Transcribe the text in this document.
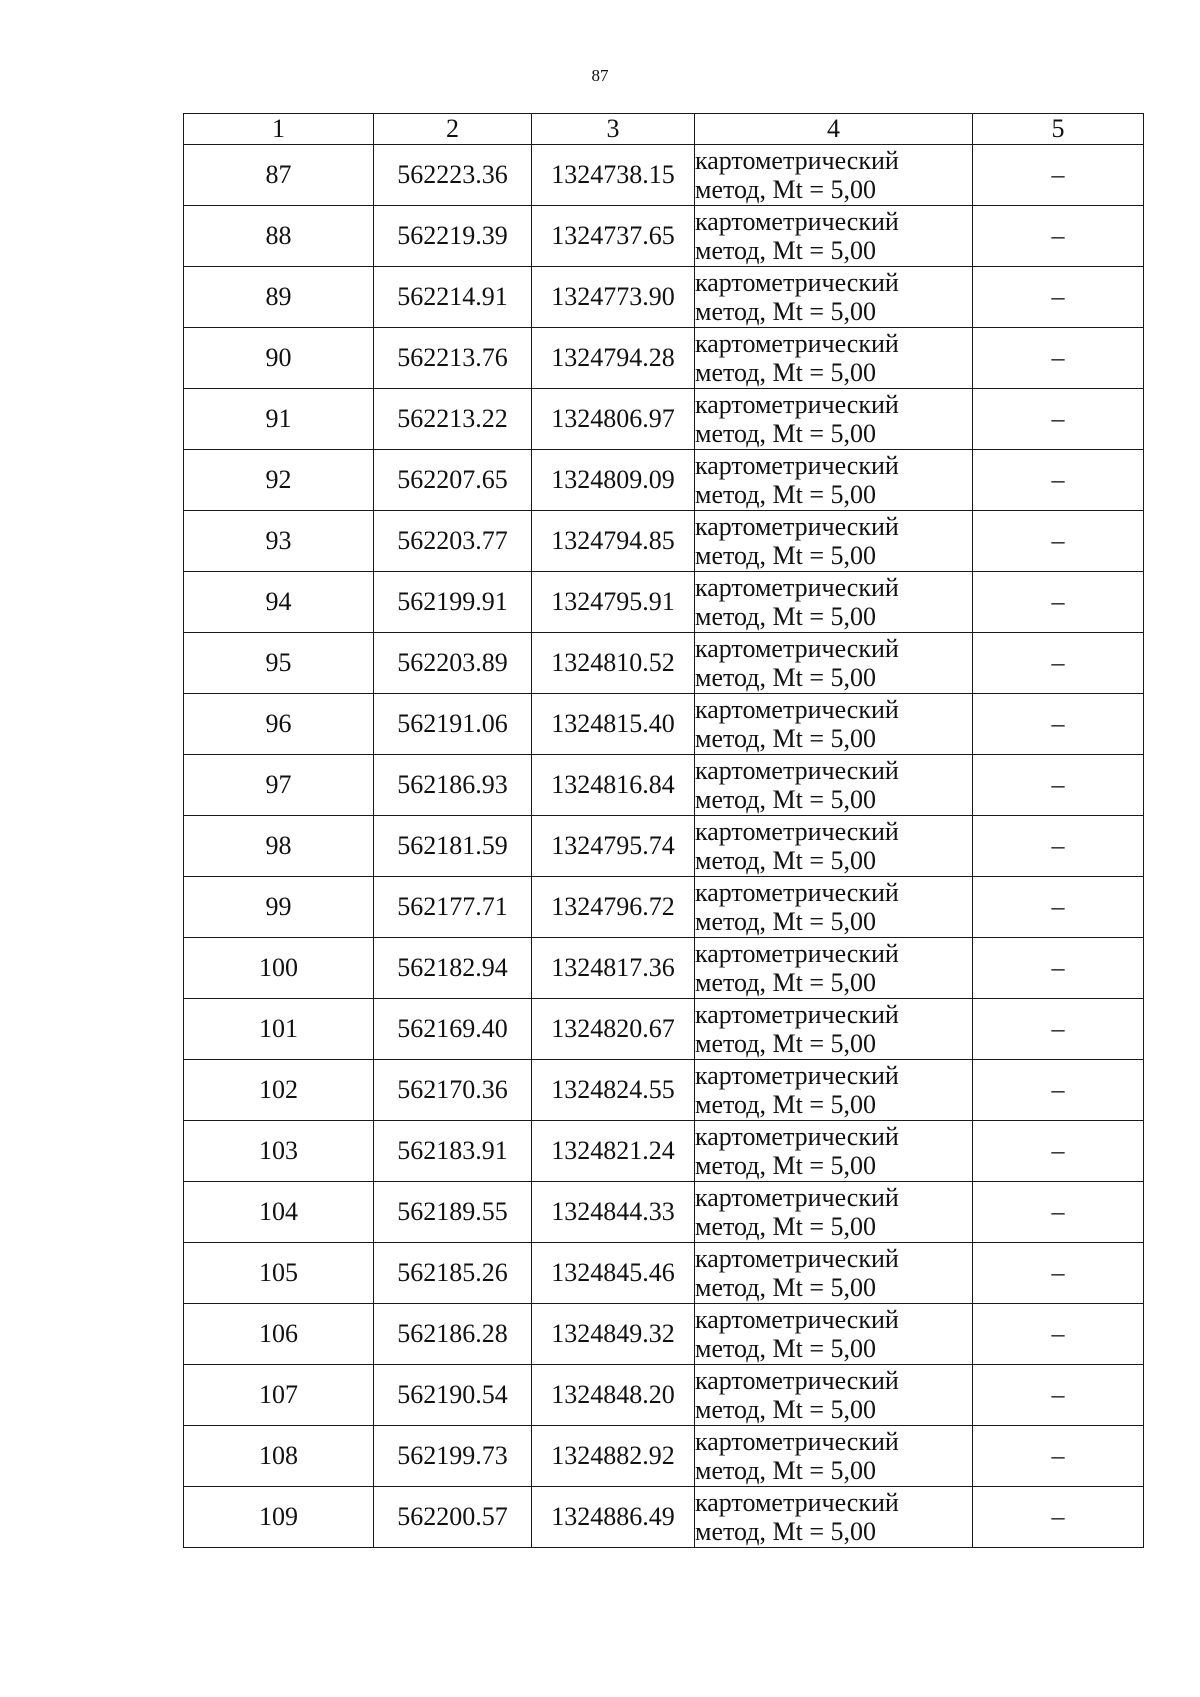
87
1	2	3	4	5
87	562223.36	1324738.15	картометрический
метод, Mt = 5,00	–
88	562219.39	1324737.65	картометрический
метод, Mt = 5,00	–
89	562214.91	1324773.90	картометрический
метод, Mt = 5,00	–
90	562213.76	1324794.28	картометрический
метод, Mt = 5,00	–
91	562213.22	1324806.97	картометрический
метод, Mt = 5,00	–
92	562207.65	1324809.09	картометрический
метод, Mt = 5,00	–
93	562203.77	1324794.85	картометрический
метод, Mt = 5,00	–
94	562199.91	1324795.91	картометрический
метод, Mt = 5,00	–
95	562203.89	1324810.52	картометрический
метод, Mt = 5,00	–
96	562191.06	1324815.40	картометрический
метод, Mt = 5,00	–
97	562186.93	1324816.84	картометрический
метод, Mt = 5,00	–
98	562181.59	1324795.74	картометрический
метод, Mt = 5,00	–
99	562177.71	1324796.72	картометрический
метод, Mt = 5,00	–
100	562182.94	1324817.36	картометрический
метод, Mt = 5,00	–
101	562169.40	1324820.67	картометрический
метод, Mt = 5,00	–
102	562170.36	1324824.55	картометрический
метод, Mt = 5,00	–
103	562183.91	1324821.24	картометрический
метод, Mt = 5,00	–
104	562189.55	1324844.33	картометрический
метод, Mt = 5,00	–
105	562185.26	1324845.46	картометрический
метод, Mt = 5,00	–
106	562186.28	1324849.32	картометрический
метод, Mt = 5,00	–
107	562190.54	1324848.20	картометрический
метод, Mt = 5,00	–
108	562199.73	1324882.92	картометрический
метод, Mt = 5,00	–
109	562200.57	1324886.49	картометрический
метод, Mt = 5,00	–
